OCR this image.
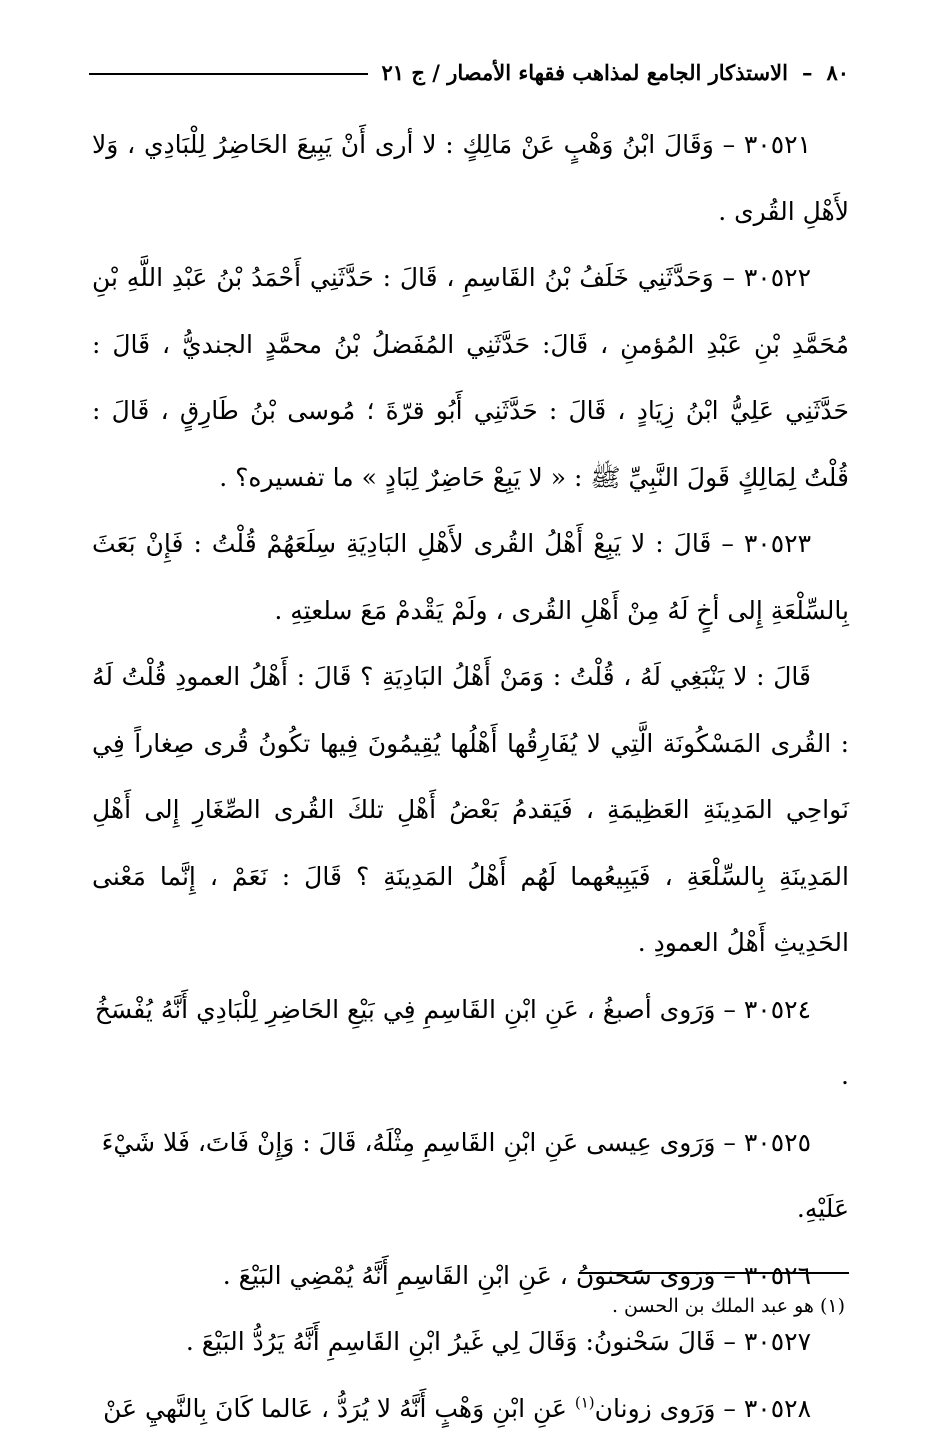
٨٠
–
الاستذكار الجامع لمذاهب فقهاء الأمصار / ج ٢١

٣٠٥٢١ – وَقَالَ ابْنُ وَهْبٍ عَنْ مَالِكٍ : لا أرى أَنْ يَبِيعَ الحَاضِرُ لِلْبَادِي ، وَلا لأَهْلِ القُرى .

٣٠٥٢٢ – وَحَدَّثَنِي خَلَفُ بْنُ القَاسِمِ ، قَالَ : حَدَّثَنِي أَحْمَدُ بْنُ عَبْدِ اللَّهِ بْنِ مُحَمَّدِ بْنِ عَبْدِ المُؤمنِ ، قَالَ: حَدَّثَنِي المُفَضلُ بْنُ محمَّدٍ الجنديُّ ، قَالَ : حَدَّثَنِي عَلِيُّ ابْنُ زِيَادٍ ، قَالَ : حَدَّثَنِي أَبُو قرّةَ ؛ مُوسى بْنُ طَارِقٍ ، قَالَ : قُلْتُ لِمَالِكٍ قَولَ النَّبِيِّ ﷺ : « لا يَبِعْ حَاضِرٌ لِبَادٍ » ما تفسيره؟ .

٣٠٥٢٣ – قَالَ : لا يَبِعْ أَهْلُ القُرى لأَهْلِ البَادِيَةِ سِلَعَهُمْ قُلْتُ : فَإِنْ بَعَثَ بِالسِّلْعَةِ إِلى أخٍ لَهُ مِنْ أَهْلِ القُرى ، ولَمْ يَقْدمْ مَعَ سلعتِهِ .

قَالَ : لا يَنْبَغِي لَهُ ، قُلْتُ : وَمَنْ أَهْلُ البَادِيَةِ ؟ قَالَ : أَهْلُ العمودِ قُلْتُ لَهُ : القُرى المَسْكُونَة الَّتِي لا يُفَارِقُها أَهْلُها يُقِيمُونَ فِيها تكُونُ قُرى صِغاراً فِي نَواحِي المَدِينَةِ العَظِيمَةِ ، فَيَقدمُ بَعْضُ أَهْلِ تلكَ القُرى الصِّغَارِ إِلى أَهْلِ المَدِينَةِ بِالسِّلْعَةِ ، فَيَبِيعُهما لَهُم أَهْلُ المَدِينَةِ ؟ قَالَ : نَعَمْ ، إِنَّما مَعْنى الحَدِيثِ أَهْلُ العمودِ .

٣٠٥٢٤ – وَرَوى أصبغُ ، عَنِ ابْنِ القَاسِمِ فِي بَيْعِ الحَاضِرِ لِلْبَادِي أَنَّهُ يُفْسَخُ .

٣٠٥٢٥ – وَرَوى عِيسى عَنِ ابْنِ القَاسِمِ مِثْلَهُ، قَالَ : وَإِنْ فَاتَ، فَلا شَيْءَ عَلَيْهِ.

٣٠٥٢٦ – وَرَوى سَحنونُ ، عَنِ ابْنِ القَاسِمِ أَنَّهُ يُمْضِي البَيْعَ .

٣٠٥٢٧ – قَالَ سَحْنونُ: وَقَالَ لِي غَيرُ ابْنِ القَاسِمِ أَنَّهُ يَرُدُّ البَيْعَ .

٣٠٥٢٨ – وَرَوى زونان$^{(١)}$ عَنِ ابْنِ وَهْبٍ أَنَّهُ لا يُرَدُّ ، عَالما كَانَ بِالنَّهيِ عَنْ

(١) هو عبد الملك بن الحسن .
